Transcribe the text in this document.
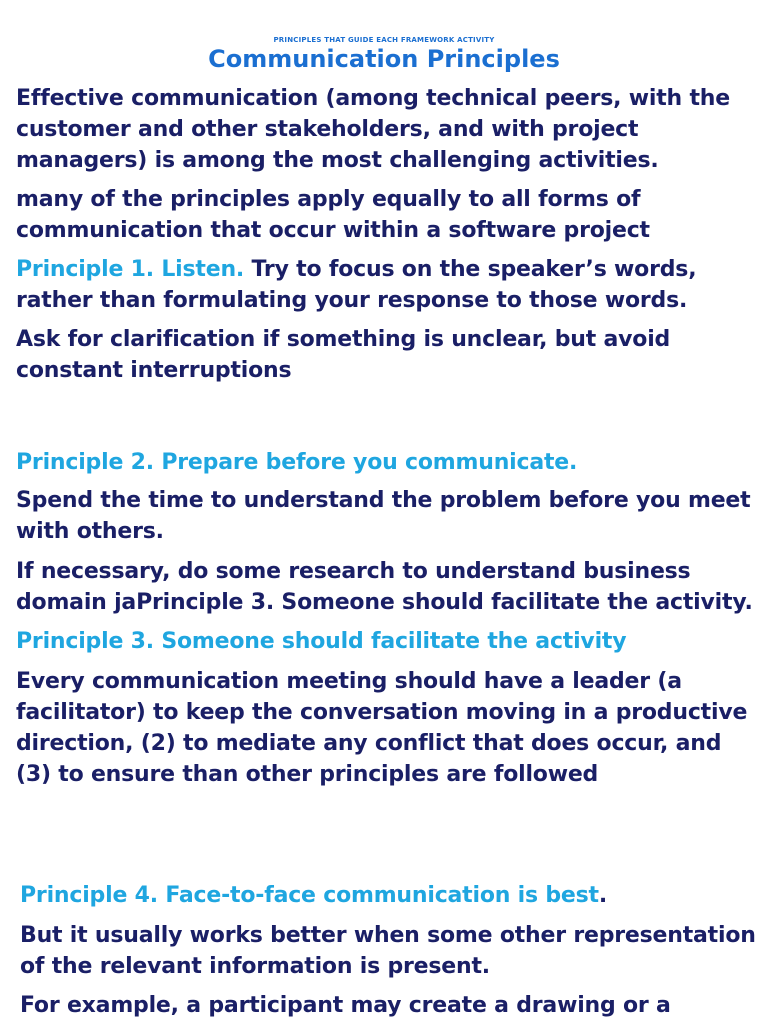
PRINCIPLES THAT GUIDE EACH FRAMEWORK ACTIVITY
Communication Principles

Effective communication (among technical peers, with the customer and other stakeholders, and with project managers) is among the most challenging activities.

many of the principles apply equally to all forms of communication that occur within a software project

Principle 1. Listen. Try to focus on the speaker’s words, rather than formulating your response to those words.

Ask for clarification if something is unclear, but avoid constant interruptions

Principle 2. Prepare before you communicate.

Spend the time to understand the problem before you meet with others.

If necessary, do some research to understand business domain jaPrinciple 3. Someone should facilitate the activity.

Principle 3. Someone should facilitate the activity

Every communication meeting should have a leader (a facilitator) to keep the conversation moving in a productive direction, (2) to mediate any conflict that does occur, and (3) to ensure than other principles are followed

Principle 4. Face-to-face communication is best.

But it usually works better when some other representation of the relevant information is present.

For example, a participant may create a drawing or a
